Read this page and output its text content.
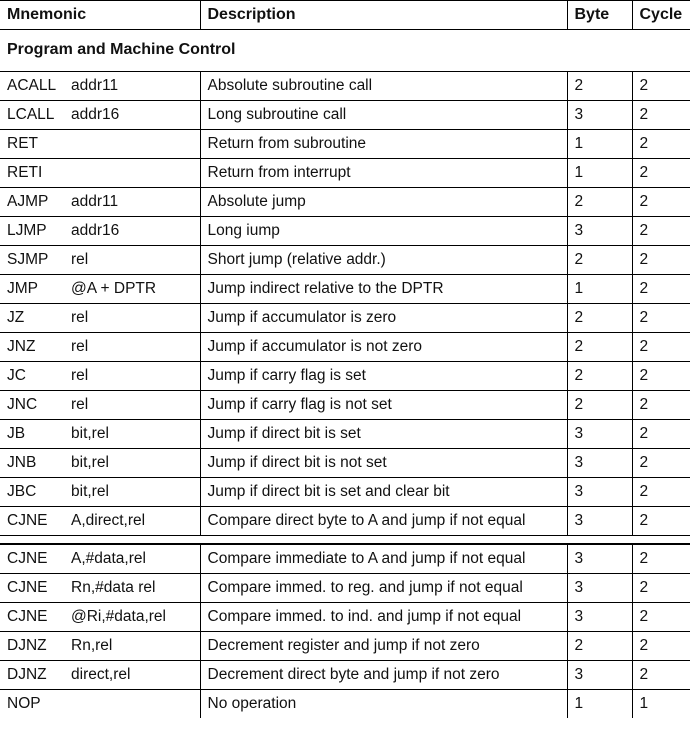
Mnemonic	Description	Byte	Cycle
Program and Machine Control			
ACALL addr11	Absolute subroutine call	2	2
LCALL addr16	Long subroutine call	3	2
RET	Return from subroutine	1	2
RETI	Return from interrupt	1	2
AJMP addr11	Absolute jump	2	2
LJMP addr16	Long iump	3	2
SJMP rel	Short jump (relative addr.)	2	2
JMP @A + DPTR	Jump indirect relative to the DPTR	1	2
JZ rel	Jump if accumulator is zero	2	2
JNZ rel	Jump if accumulator is not zero	2	2
JC rel	Jump if carry flag is set	2	2
JNC rel	Jump if carry flag is not set	2	2
JB bit,rel	Jump if direct bit is set	3	2
JNB bit,rel	Jump if direct bit is not set	3	2
JBC bit,rel	Jump if direct bit is set and clear bit	3	2
CJNE A,direct,rel	Compare direct byte to A and jump if not equal	3	2

CJNE A,#data,rel	Compare immediate to A and jump if not equal	3	2
CJNE Rn,#data rel	Compare immed. to reg. and jump if not equal	3	2
CJNE @Ri,#data,rel	Compare immed. to ind. and jump if not equal	3	2
DJNZ Rn,rel	Decrement register and jump if not zero	2	2
DJNZ direct,rel	Decrement direct byte and jump if not zero	3	2
NOP	No operation	1	1
